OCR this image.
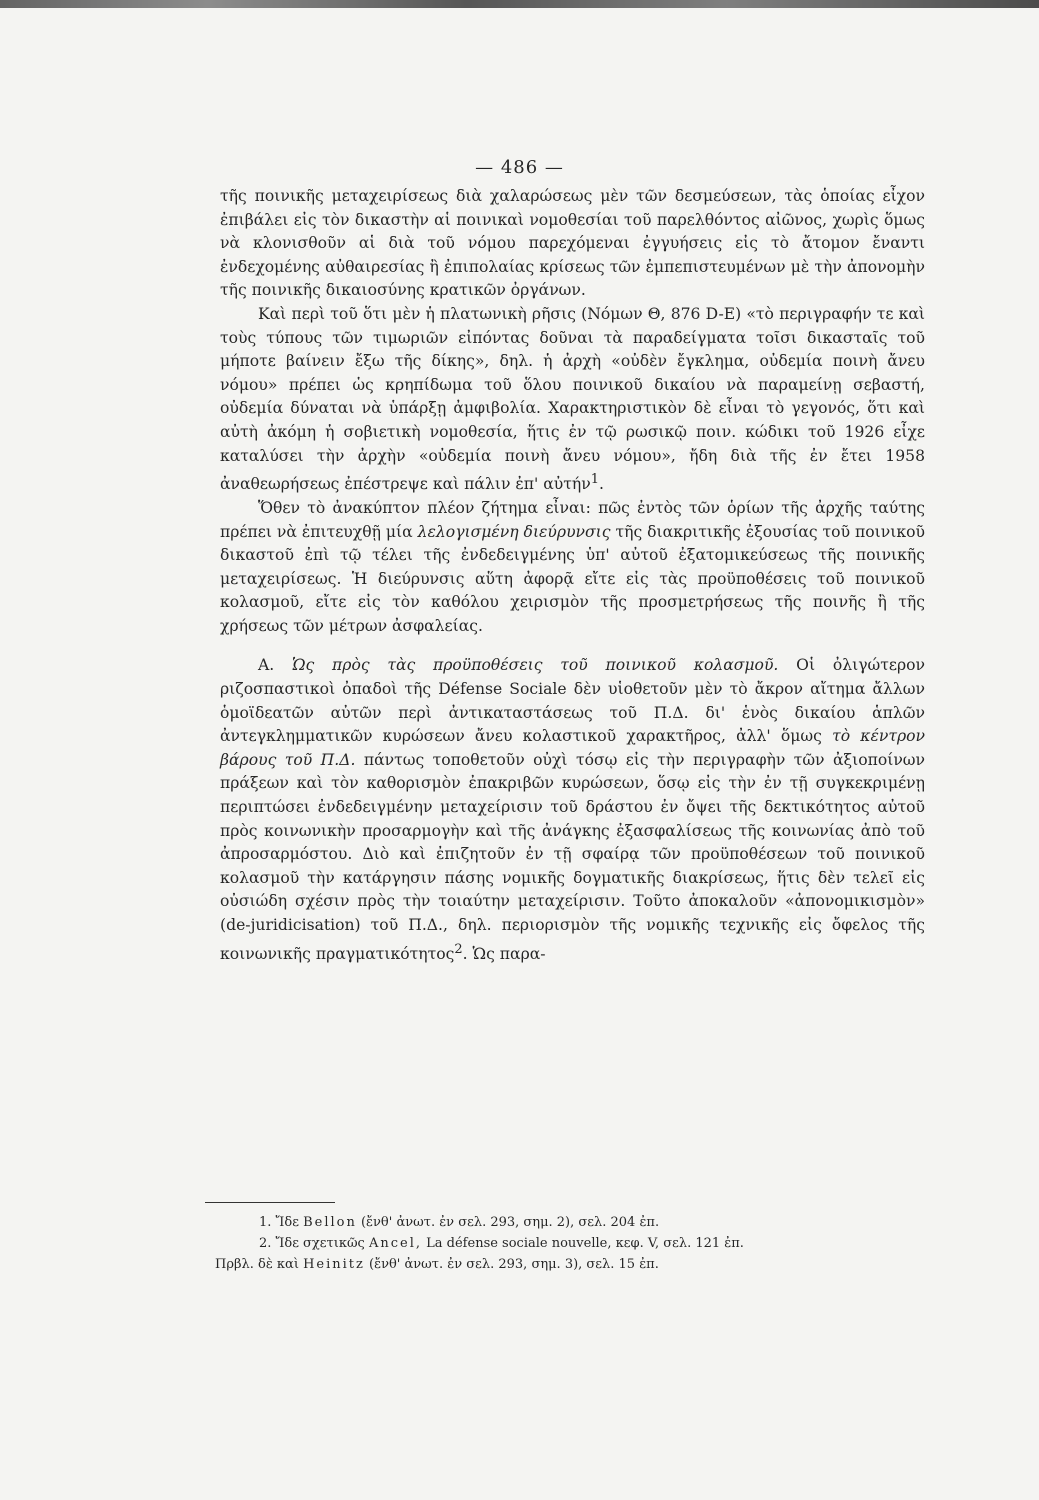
— 486 —

τῆς ποινικῆς μεταχειρίσεως διὰ χαλαρώσεως μὲν τῶν δεσμεύσεων, τὰς ὁποίας εἶχον ἐπιβάλει εἰς τὸν δικαστὴν αἱ ποινικαὶ νομοθεσίαι τοῦ παρελθόντος αἰῶνος, χωρὶς ὅμως νὰ κλονισθοῦν αἱ διὰ τοῦ νόμου παρεχόμεναι ἐγγυήσεις εἰς τὸ ἄτομον ἔναντι ἐνδεχομένης αὐθαιρεσίας ἢ ἐπιπολαίας κρίσεως τῶν ἐμπεπιστευμένων μὲ τὴν ἀπονομὴν τῆς ποινικῆς δικαιοσύνης κρατικῶν ὀργάνων.

Καὶ περὶ τοῦ ὅτι μὲν ἡ πλατωνικὴ ρῆσις (Νόμων Θ, 876 D-E) «τὸ περιγραφήν τε καὶ τοὺς τύπους τῶν τιμωριῶν εἰπόντας δοῦναι τὰ παραδείγματα τοῖσι δικασταῖς τοῦ μήποτε βαίνειν ἔξω τῆς δίκης», δηλ. ἡ ἀρχὴ «οὐδὲν ἔγκλημα, οὐδεμία ποινὴ ἄνευ νόμου» πρέπει ὡς κρηπίδωμα τοῦ ὅλου ποινικοῦ δικαίου νὰ παραμείνῃ σεβαστή, οὐδεμία δύναται νὰ ὑπάρξῃ ἀμφιβολία. Χαρακτηριστικὸν δὲ εἶναι τὸ γεγονός, ὅτι καὶ αὐτὴ ἀκόμη ἡ σοβιετικὴ νομοθεσία, ἥτις ἐν τῷ ρωσικῷ ποιν. κώδικι τοῦ 1926 εἶχε καταλύσει τὴν ἀρχὴν «οὐδεμία ποινὴ ἄνευ νόμου», ἤδη διὰ τῆς ἐν ἔτει 1958 ἀναθεωρήσεως ἐπέστρεψε καὶ πάλιν ἐπ' αὐτήν$^1$.

Ὅθεν τὸ ἀνακύπτον πλέον ζήτημα εἶναι: πῶς ἐντὸς τῶν ὁρίων τῆς ἀρχῆς ταύτης πρέπει νὰ ἐπιτευχθῇ μία λελογισμένη διεύρυνσις τῆς διακριτικῆς ἐξουσίας τοῦ ποινικοῦ δικαστοῦ ἐπὶ τῷ τέλει τῆς ἐνδεδειγμένης ὑπ' αὐτοῦ ἐξατομικεύσεως τῆς ποινικῆς μεταχειρίσεως. Ἡ διεύρυνσις αὕτη ἀφορᾷ εἴτε εἰς τὰς προϋποθέσεις τοῦ ποινικοῦ κολασμοῦ, εἴτε εἰς τὸν καθόλου χειρισμὸν τῆς προσμετρήσεως τῆς ποινῆς ἢ τῆς χρήσεως τῶν μέτρων ἀσφαλείας.

Α. Ὡς πρὸς τὰς προϋποθέσεις τοῦ ποινικοῦ κολασμοῦ. Οἱ ὀλιγώτερον ριζοσπαστικοὶ ὀπαδοὶ τῆς Défense Sociale δὲν υἱοθετοῦν μὲν τὸ ἄκρον αἴτημα ἄλλων ὁμοϊδεατῶν αὐτῶν περὶ ἀντικαταστάσεως τοῦ Π.Δ. δι' ἑνὸς δικαίου ἁπλῶν ἀντεγκλημματικῶν κυρώσεων ἄνευ κολαστικοῦ χαρακτῆρος, ἀλλ' ὅμως τὸ κέντρον βάρους τοῦ Π.Δ. πάντως τοποθετοῦν οὐχὶ τόσῳ εἰς τὴν περιγραφὴν τῶν ἀξιοποίνων πράξεων καὶ τὸν καθορισμὸν ἐπακριβῶν κυρώσεων, ὅσῳ εἰς τὴν ἐν τῇ συγκεκριμένῃ περιπτώσει ἐνδεδειγμένην μεταχείρισιν τοῦ δράστου ἐν ὄψει τῆς δεκτικότητος αὐτοῦ πρὸς κοινωνικὴν προσαρμογὴν καὶ τῆς ἀνάγκης ἐξασφαλίσεως τῆς κοινωνίας ἀπὸ τοῦ ἀπροσαρμόστου. Διὸ καὶ ἐπιζητοῦν ἐν τῇ σφαίρᾳ τῶν προϋποθέσεων τοῦ ποινικοῦ κολασμοῦ τὴν κατάργησιν πάσης νομικῆς δογματικῆς διακρίσεως, ἥτις δὲν τελεῖ εἰς οὐσιώδη σχέσιν πρὸς τὴν τοιαύτην μεταχείρισιν. Τοῦτο ἀποκαλοῦν «ἀπονομικισμὸν» (de-juridicisation) τοῦ Π.Δ., δηλ. περιορισμὸν τῆς νομικῆς τεχνικῆς εἰς ὄφελος τῆς κοινωνικῆς πραγματικότητος$^2$. Ὡς παρα-

1. Ἴδε Bellon (ἔνθ' ἀνωτ. ἐν σελ. 293, σημ. 2), σελ. 204 ἐπ.

2. Ἴδε σχετικῶς Ancel, La défense sociale nouvelle, κεφ. V, σελ. 121 ἐπ.

Πρβλ. δὲ καὶ Heinitz (ἔνθ' ἀνωτ. ἐν σελ. 293, σημ. 3), σελ. 15 ἐπ.
